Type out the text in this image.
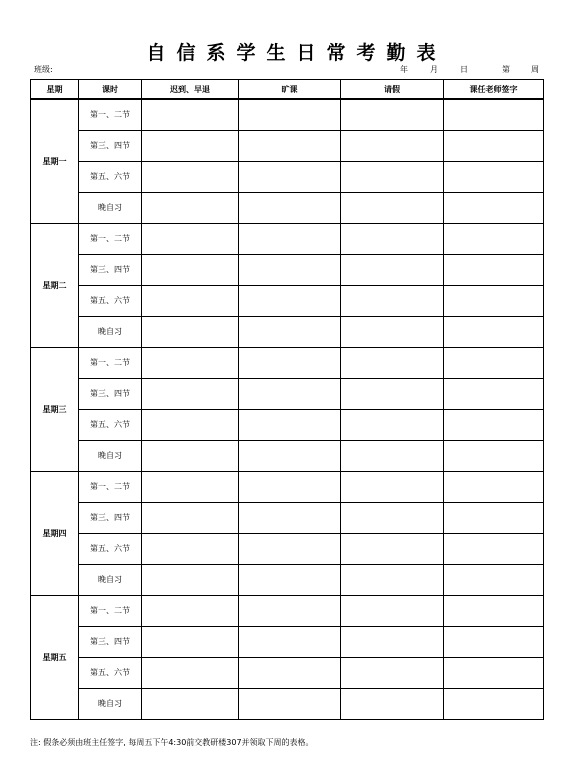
自信系学生日常考勤表
班级:	年	月	日	第	周
星期	课时	迟到、早退	旷课	请假	课任老师签字
星期一	第一、二节				
	第三、四节				
	第五、六节				
	晚自习				
星期二	第一、二节				
	第三、四节				
	第五、六节				
	晚自习				
星期三	第一、二节				
	第三、四节				
	第五、六节				
	晚自习				
星期四	第一、二节				
	第三、四节				
	第五、六节				
	晚自习				
星期五	第一、二节				
	第三、四节				
	第五、六节				
	晚自习				
注: 假条必须由班主任签字, 每周五下午4:30前交教研楼307并领取下周的表格。
